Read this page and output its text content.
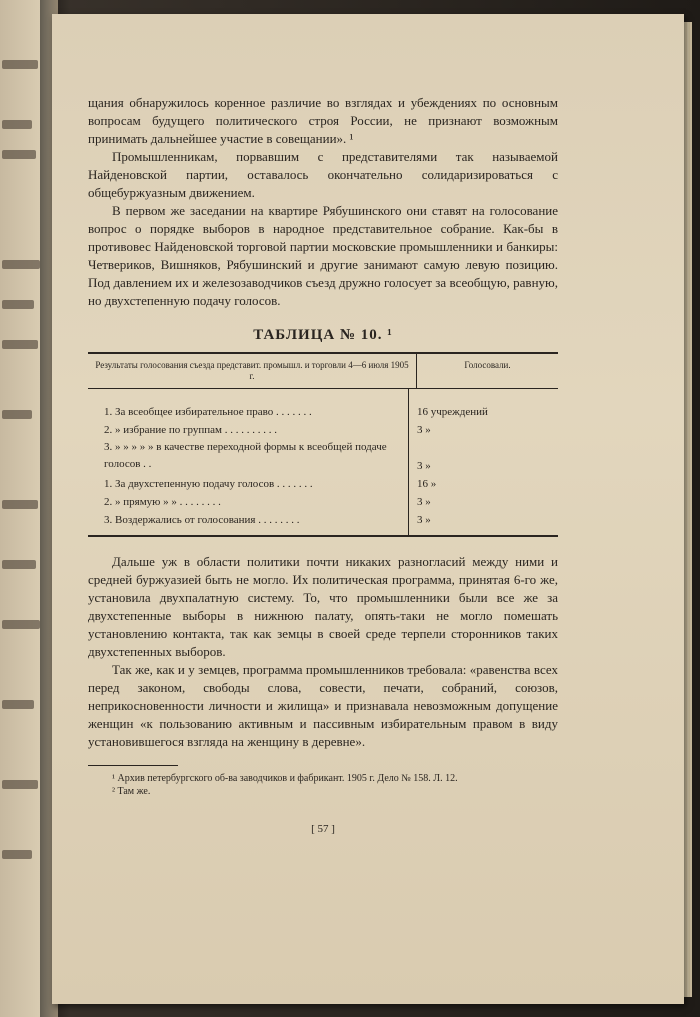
щания обнаружилось коренное различие во взглядах и убеждениях по основным вопросам будущего политического строя России, не признают возможным принимать дальнейшее участие в совещании». ¹

Промышленникам, порвавшим с представителями так называемой Найденовской партии, оставалось окончательно солидаризироваться с общебуржуазным движением.

В первом же заседании на квартире Рябушинского они ставят на голосование вопрос о порядке выборов в народное представительное собрание. Как-бы в противовес Найденовской торговой партии московские промышленники и банкиры: Четвериков, Вишняков, Рябушинский и другие занимают самую левую позицию. Под давлением их и железозаводчиков съезд дружно голосует за всеобщую, равную, но двухстепенную подачу голосов.

ТАБЛИЦА № 10. ¹
Результаты голосования съезда представит. промышл. и торговли 4—6 июля 1905 г.
Голосовали.
1. За всеобщее избирательное право . . . . . . .
2. » избрание по группам . . . . . . . . . .
3. » » » » » в качестве переходной формы к всеобщей подаче голосов . .
1. За двухстепенную подачу голосов . . . . . . .
2. » прямую » » . . . . . . . .
3. Воздержались от голосования . . . . . . . .
16 учреждений
3 »
3 »
16 »
3 »
3 »

Дальше уж в области политики почти никаких разногласий между ними и средней буржуазией быть не могло. Их политическая программа, принятая 6-го же, установила двухпалатную систему. То, что промышленники были все же за двухстепенные выборы в нижнюю палату, опять-таки не могло помешать установлению контакта, так как земцы в своей среде терпели сторонников таких двухстепенных выборов.

Так же, как и у земцев, программа промышленников требовала: «равенства всех перед законом, свободы слова, совести, печати, собраний, союзов, неприкосновенности личности и жилища» и признавала невозможным допущение женщин «к пользованию активным и пассивным избирательным правом в виду установившегося взгляда на женщину в деревне».

¹ Архив петербургского об-ва заводчиков и фабрикант. 1905 г. Дело № 158. Л. 12.

² Там же.

[ 57 ]
